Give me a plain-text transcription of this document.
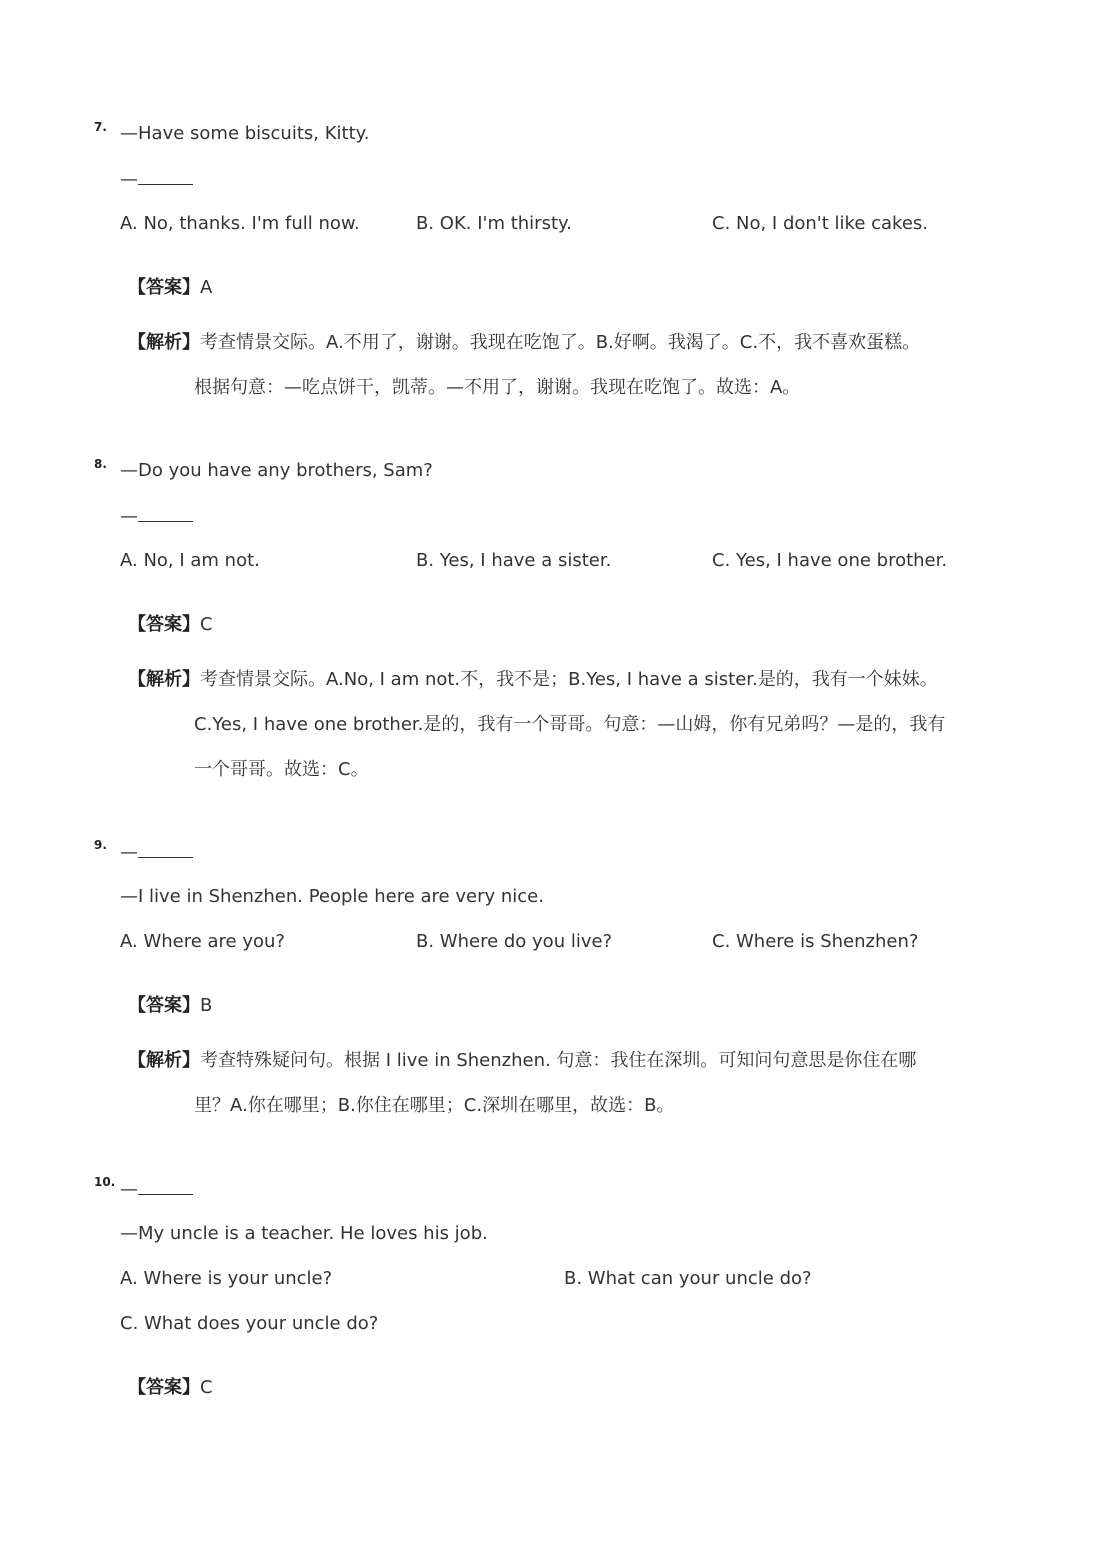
7. —Have some biscuits, Kitty.
—
A. No, thanks. I'm full now.	B. OK. I'm thirsty.	C. No, I don't like cakes.
【答案】A
【解析】考查情景交际。A.不用了，谢谢。我现在吃饱了。B.好啊。我渴了。C.不，我不喜欢蛋糕。
根据句意：—吃点饼干，凯蒂。—不用了，谢谢。我现在吃饱了。故选：A。
8. —Do you have any brothers, Sam?
—
A. No, I am not.	B. Yes, I have a sister.	C. Yes, I have one brother.
【答案】C
【解析】考查情景交际。A.No, I am not.不，我不是；B.Yes, I have a sister.是的，我有一个妹妹。
C.Yes, I have one brother.是的，我有一个哥哥。句意：—山姆，你有兄弟吗？—是的，我有
一个哥哥。故选：C。
9. —
—I live in Shenzhen. People here are very nice.
A. Where are you?	B. Where do you live?	C. Where is Shenzhen?
【答案】B
【解析】考查特殊疑问句。根据 I live in Shenzhen. 句意：我住在深圳。可知问句意思是你住在哪
里？A.你在哪里；B.你住在哪里；C.深圳在哪里，故选：B。
10. —
—My uncle is a teacher. He loves his job.
A. Where is your uncle?	B. What can your uncle do?
C. What does your uncle do?
【答案】C
